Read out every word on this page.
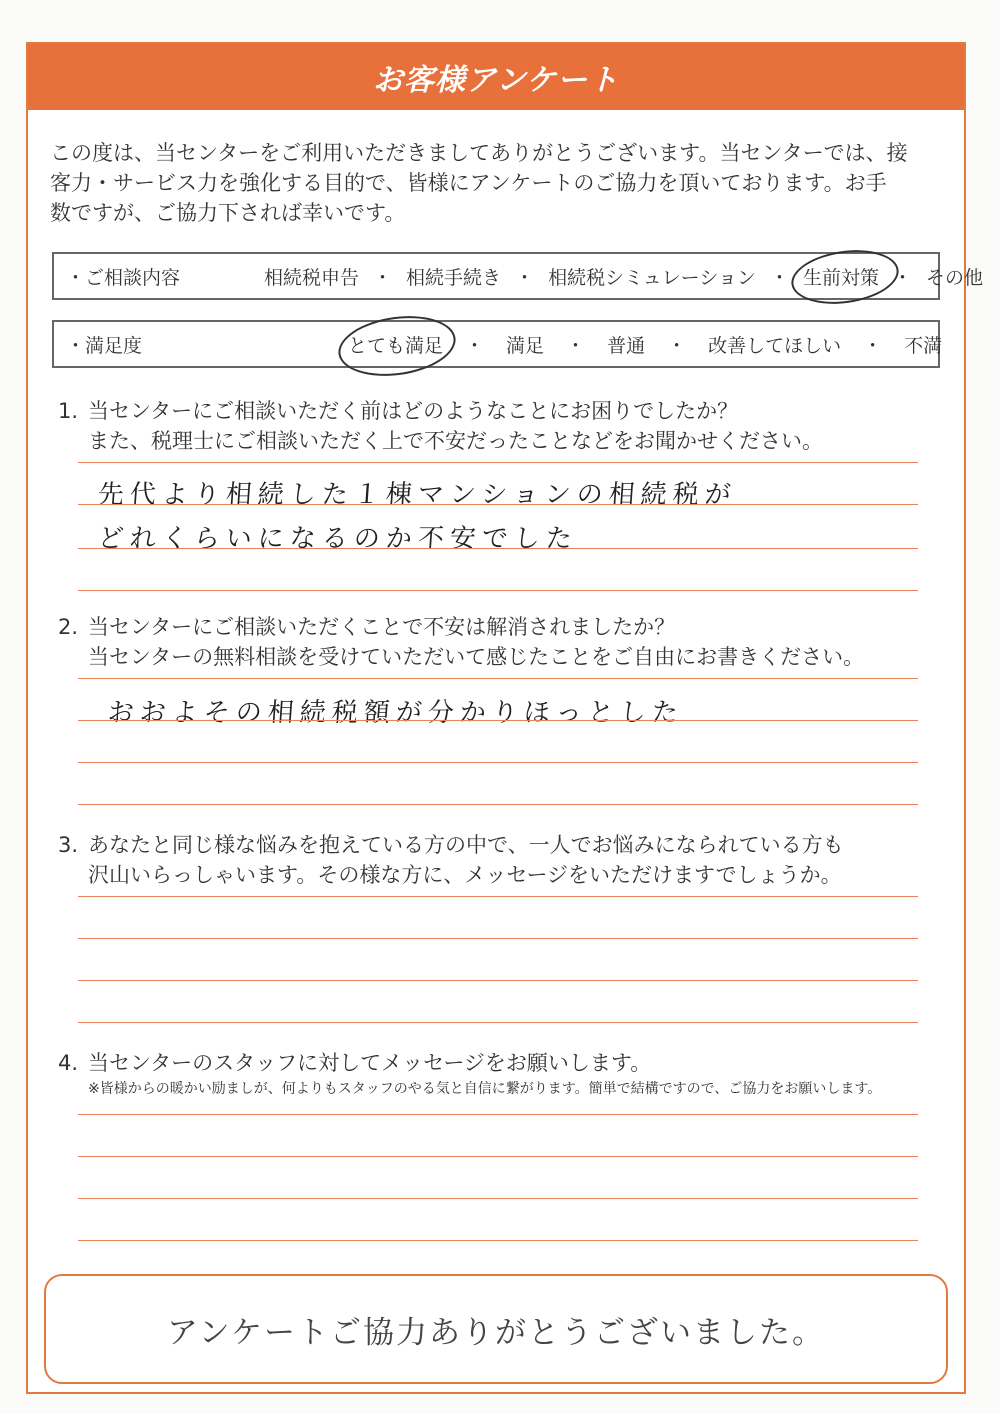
お客様アンケート
この度は、当センターをご利用いただきましてありがとうございます。当センターでは、接
客力・サービス力を強化する目的で、皆様にアンケートのご協力を頂いております。お手
数ですが、ご協力下されば幸いです。
・ご相談内容	相続税申告 ・ 相続手続き ・ 相続税シミュレーション ・ 生前対策 ・ その他
・満足度	とても満足 ・ 満足 ・ 普通 ・ 改善してほしい ・ 不満
1. 当センターにご相談いただく前はどのようなことにお困りでしたか？
また、税理士にご相談いただく上で不安だったことなどをお聞かせください。
先代より相続した１棟マンションの相続税が
どれくらいになるのか不安でした
2. 当センターにご相談いただくことで不安は解消されましたか？
当センターの無料相談を受けていただいて感じたことをご自由にお書きください。
おおよその相続税額が分かりほっとした
3. あなたと同じ様な悩みを抱えている方の中で、一人でお悩みになられている方も
沢山いらっしゃいます。その様な方に、メッセージをいただけますでしょうか。
4. 当センターのスタッフに対してメッセージをお願いします。
※皆様からの暖かい励ましが、何よりもスタッフのやる気と自信に繋がります。簡単で結構ですので、ご協力をお願いします。
アンケートご協力ありがとうございました。
